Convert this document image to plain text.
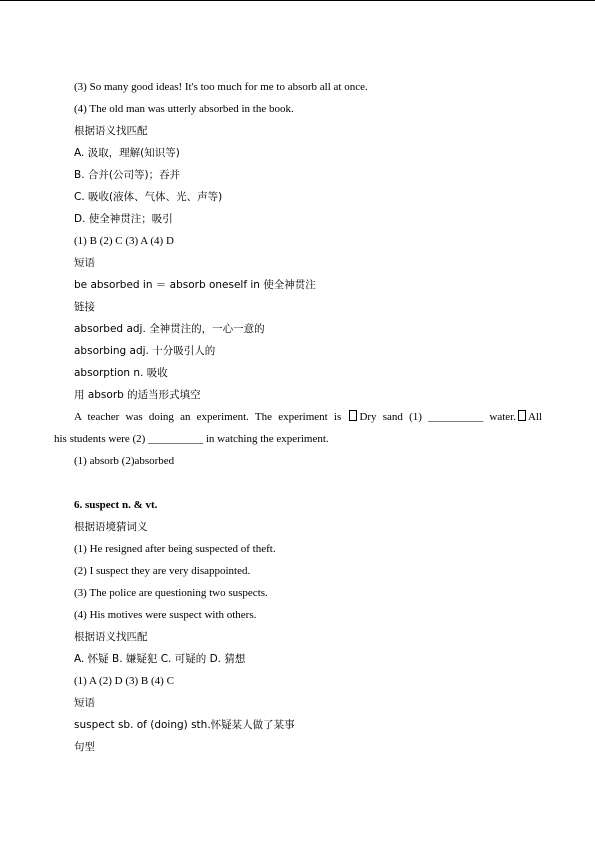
(3) So many good ideas! It's too much for me to absorb all at once.
(4) The old man was utterly absorbed in the book.
根据语义找匹配
A. 汲取，理解(知识等)
B. 合并(公司等)；吞并
C. 吸收(液体、气体、光、声等)
D. 使全神贯注；吸引
(1) B (2) C (3) A (4) D
短语
be absorbed in ＝ absorb oneself in 使全神贯注
链接
absorbed adj. 全神贯注的，一心一意的
absorbing adj. 十分吸引人的
absorption n. 吸收
用 absorb 的适当形式填空
A teacher was doing an experiment. The experiment is Dry sand (1) __________ water. All
his students were (2) __________ in watching the experiment.
(1) absorb (2)absorbed
6. suspect n. & vt.
根据语境猜词义
(1) He resigned after being suspected of theft.
(2) I suspect they are very disappointed.
(3) The police are questioning two suspects.
(4) His motives were suspect with others.
根据语义找匹配
A. 怀疑 B. 嫌疑犯 C. 可疑的 D. 猜想
(1) A (2) D (3) B (4) C
短语
suspect sb. of (doing) sth.怀疑某人做了某事
句型
